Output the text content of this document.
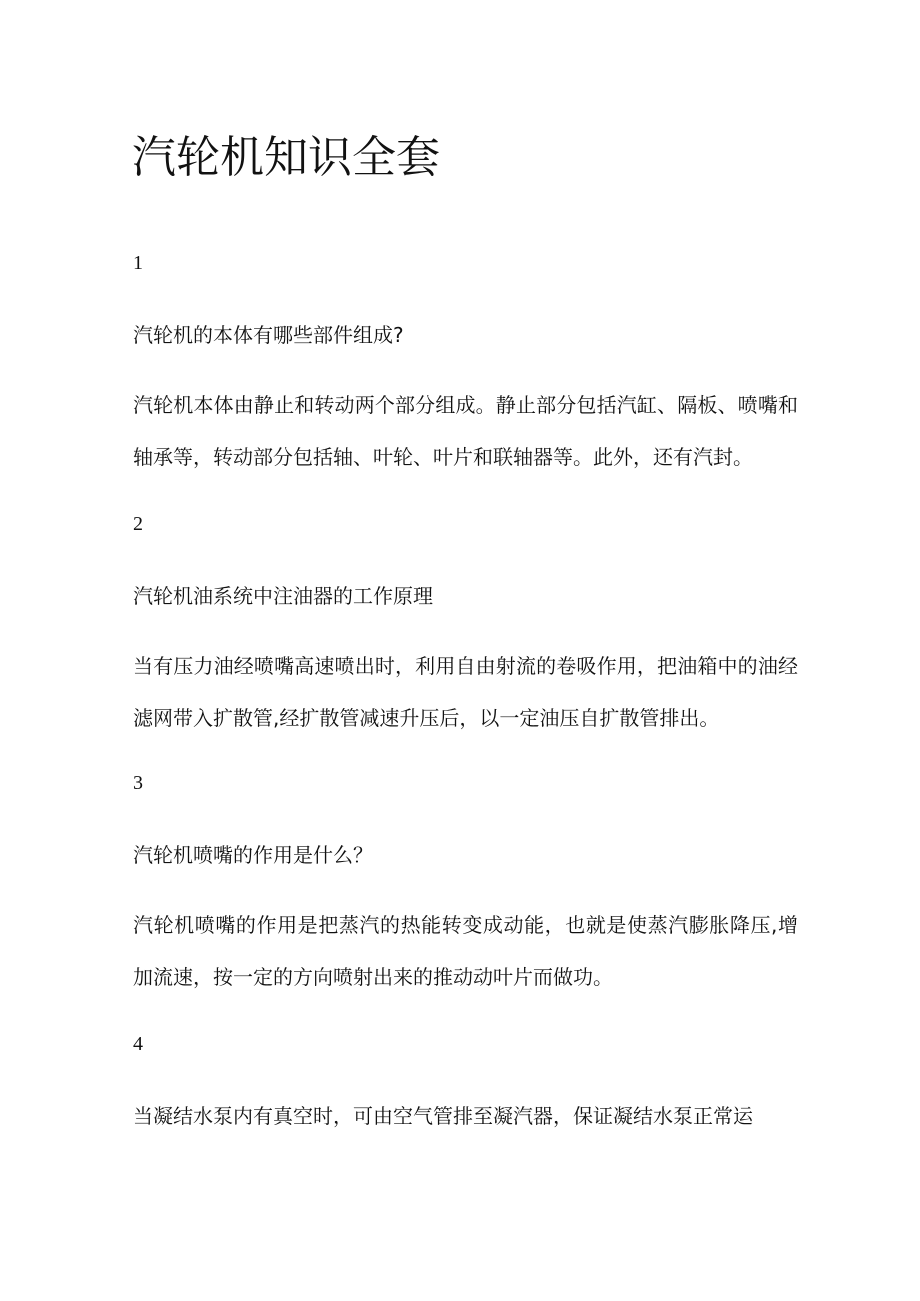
汽轮机知识全套
1
汽轮机的本体有哪些部件组成?
汽轮机本体由静止和转动两个部分组成。静止部分包括汽缸、隔板、喷嘴和轴承等，转动部分包括轴、叶轮、叶片和联轴器等。此外，还有汽封。
2
汽轮机油系统中注油器的工作原理
当有压力油经喷嘴高速喷出时，利用自由射流的卷吸作用，把油箱中的油经滤网带入扩散管,经扩散管减速升压后，以一定油压自扩散管排出。
3
汽轮机喷嘴的作用是什么？
汽轮机喷嘴的作用是把蒸汽的热能转变成动能，也就是使蒸汽膨胀降压,增加流速，按一定的方向喷射出来的推动动叶片而做功。
4
当凝结水泵内有真空时，可由空气管排至凝汽器，保证凝结水泵正常运
